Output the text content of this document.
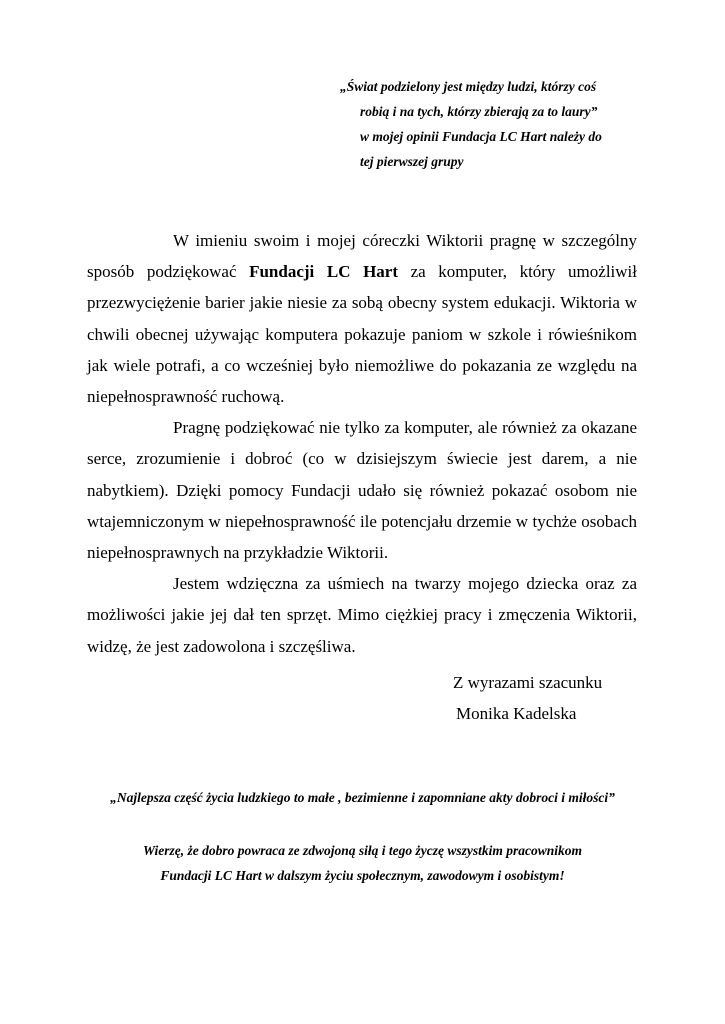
„Świat podzielony jest między ludzi, którzy coś
robią i na tych, którzy zbierają za to laury”
w mojej opinii Fundacja LC Hart należy do
tej pierwszej grupy

W imieniu swoim i mojej córeczki Wiktorii pragnę w szczególny sposób podziękować Fundacji LC Hart za komputer, który umożliwił przezwyciężenie barier jakie niesie za sobą obecny system edukacji. Wiktoria w chwili obecnej używając komputera pokazuje paniom w szkole i rówieśnikom jak wiele potrafi, a co wcześniej było niemożliwe do pokazania ze względu na niepełnosprawność ruchową.

Pragnę podziękować nie tylko za komputer, ale również za okazane serce, zrozumienie i dobroć (co w dzisiejszym świecie jest darem, a nie nabytkiem). Dzięki pomocy Fundacji udało się również pokazać osobom nie wtajemniczonym w niepełnosprawność ile potencjału drzemie w tychże osobach niepełnosprawnych na przykładzie Wiktorii.

Jestem wdzięczna za uśmiech na twarzy mojego dziecka oraz za możliwości jakie jej dał ten sprzęt. Mimo ciężkiej pracy i zmęczenia Wiktorii, widzę, że jest zadowolona i szczęśliwa.

Z wyrazami szacunku
Monika Kadelska
„Najlepsza część życia ludzkiego to małe , bezimienne i zapomniane akty dobroci i miłości”
Wierzę, że dobro powraca ze zdwojoną siłą i tego życzę wszystkim pracownikom
Fundacji LC Hart w dalszym życiu społecznym, zawodowym i osobistym!
